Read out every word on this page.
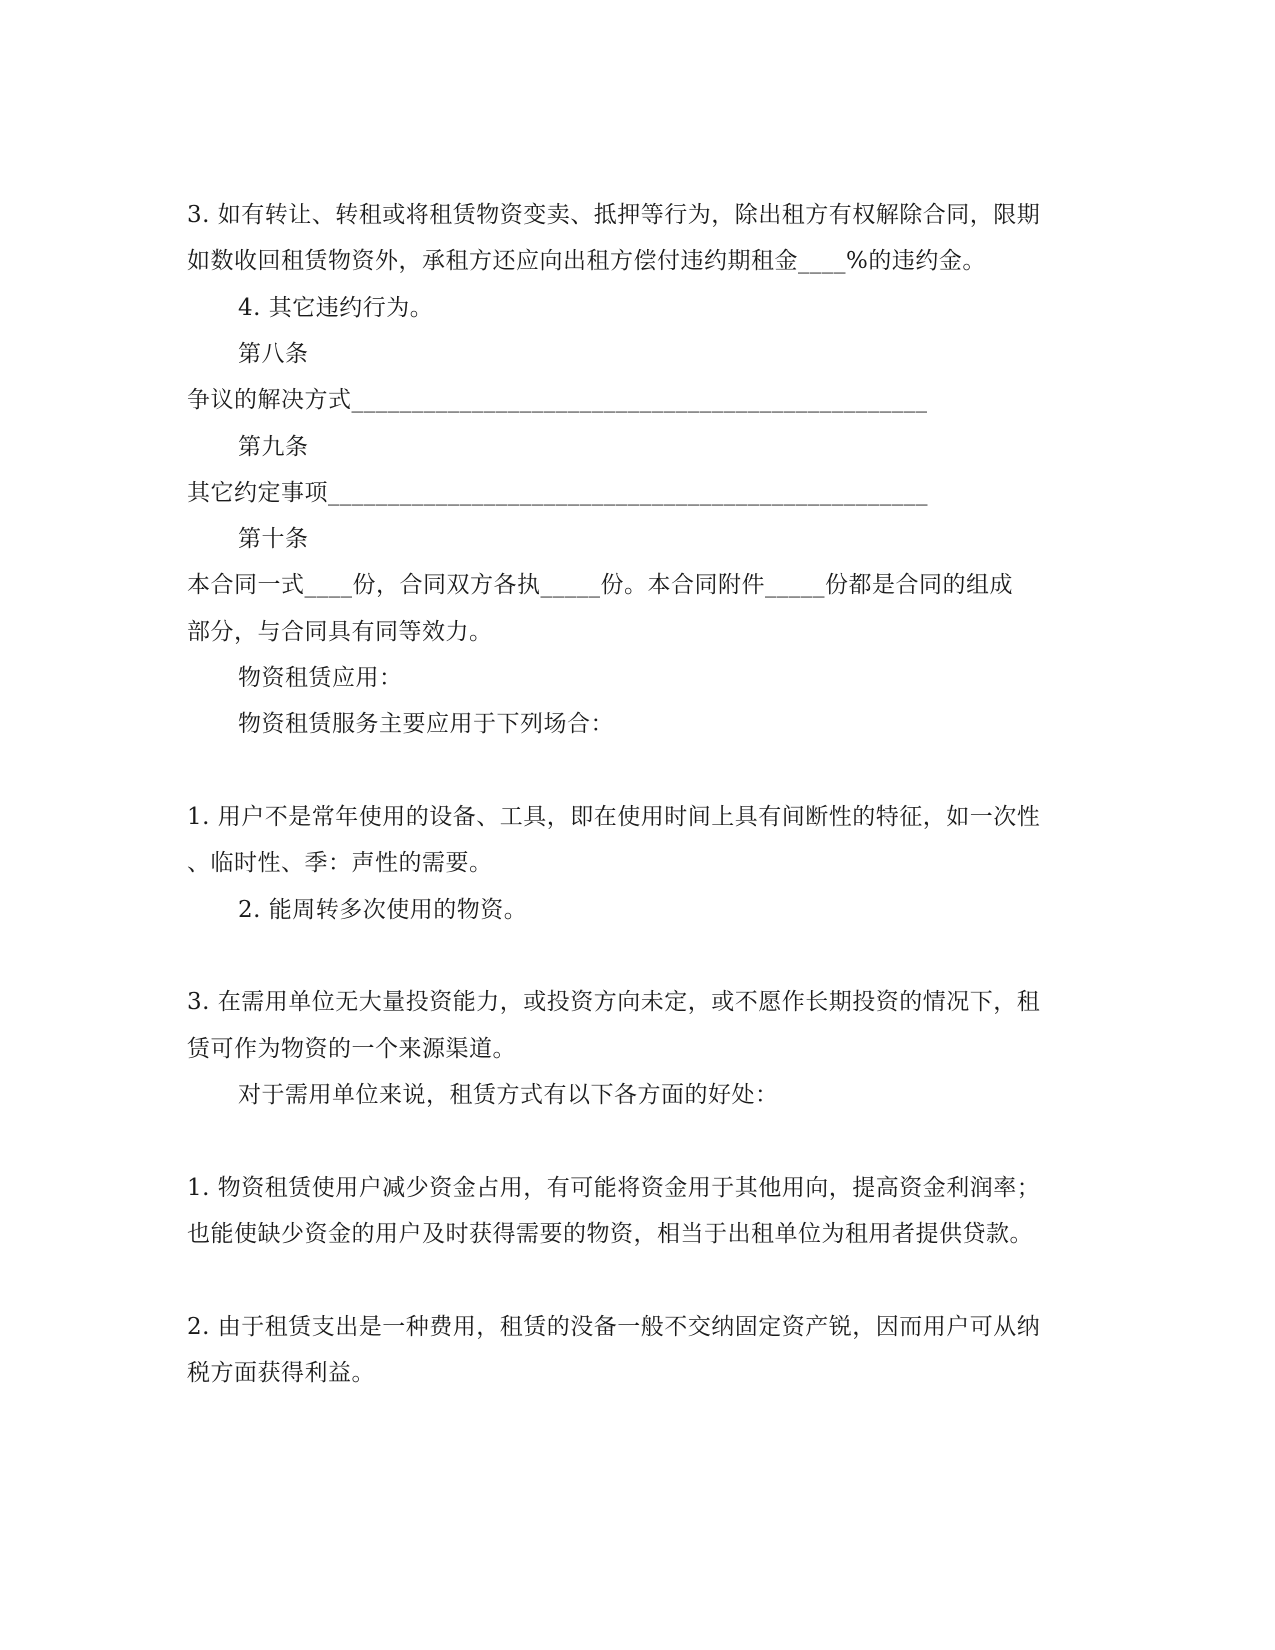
3. 如有转让、转租或将租赁物资变卖、抵押等行为，除出租方有权解除合同，限期
如数收回租赁物资外，承租方还应向出租方偿付违约期租金____%的违约金。
4. 其它违约行为。
第八条
争议的解决方式________________________________________________
第九条
其它约定事项__________________________________________________
第十条
本合同一式____份，合同双方各执_____份。本合同附件_____份都是合同的组成
部分，与合同具有同等效力。
物资租赁应用：
物资租赁服务主要应用于下列场合：
1. 用户不是常年使用的设备、工具，即在使用时间上具有间断性的特征，如一次性
、临时性、季：声性的需要。
2. 能周转多次使用的物资。
3. 在需用单位无大量投资能力，或投资方向未定，或不愿作长期投资的情况下，租
赁可作为物资的一个来源渠道。
对于需用单位来说，租赁方式有以下各方面的好处：
1. 物资租赁使用户减少资金占用，有可能将资金用于其他用向，提高资金利润率；
也能使缺少资金的用户及时获得需要的物资，相当于出租单位为租用者提供贷款。
2. 由于租赁支出是一种费用，租赁的没备一般不交纳固定资产锐，因而用户可从纳
税方面获得利益。
